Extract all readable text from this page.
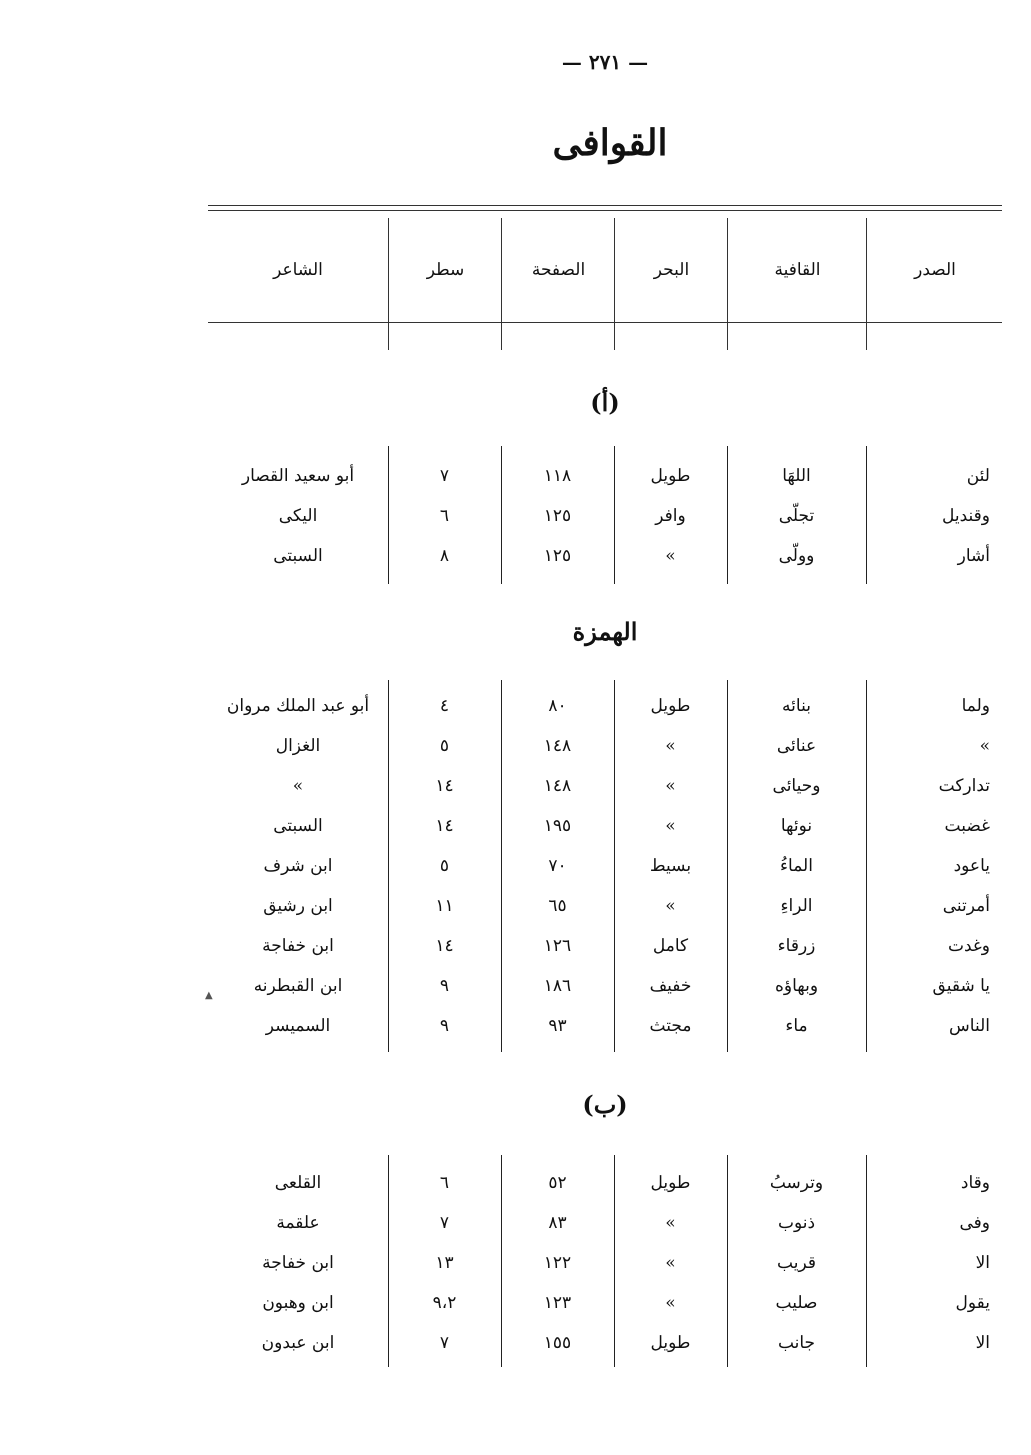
— ٢٧١ —
القوافى
الشاعر	سطر	الصفحة	البحر	القافية	الصدر
(أ)
أبو سعيد القصار	٧	١١٨	طويل	اللهَا	لئن
اليكى	٦	١٢٥	وافر	تجلّى	وقنديل
السبتى	٨	١٢٥	«	وولّى	أشار
الهمزة
أبو عبد الملك مروان	٤	٨٠	طويل	بنائه	ولما
الغزال	٥	١٤٨	«	عنائى	«
«	١٤	١٤٨	«	وحيائى	تداركت
السبتى	١٤	١٩٥	«	نوئها	غضبت
ابن شرف	٥	٧٠	بسيط	الماءُ	ياعود
ابن رشيق	١١	٦٥	«	الراءِ	أمرتنى
ابن خفاجة	١٤	١٢٦	كامل	زرقاء	وغدت
ابن القبطرنه	٩	١٨٦	خفيف	وبهاؤه	يا شقيق
السميسر	٩	٩٣	مجتث	ماء	الناس
(ب)
القلعى	٦	٥٢	طويل	وترسبُ	وقاد
علقمة	٧	٨٣	«	ذنوب	وفى
ابن خفاجة	١٣	١٢٢	«	قريب	الا
ابن وهبون	٩،٢	١٢٣	«	صليب	يقول
ابن عبدون	٧	١٥٥	طويل	جانب	الا
▲
